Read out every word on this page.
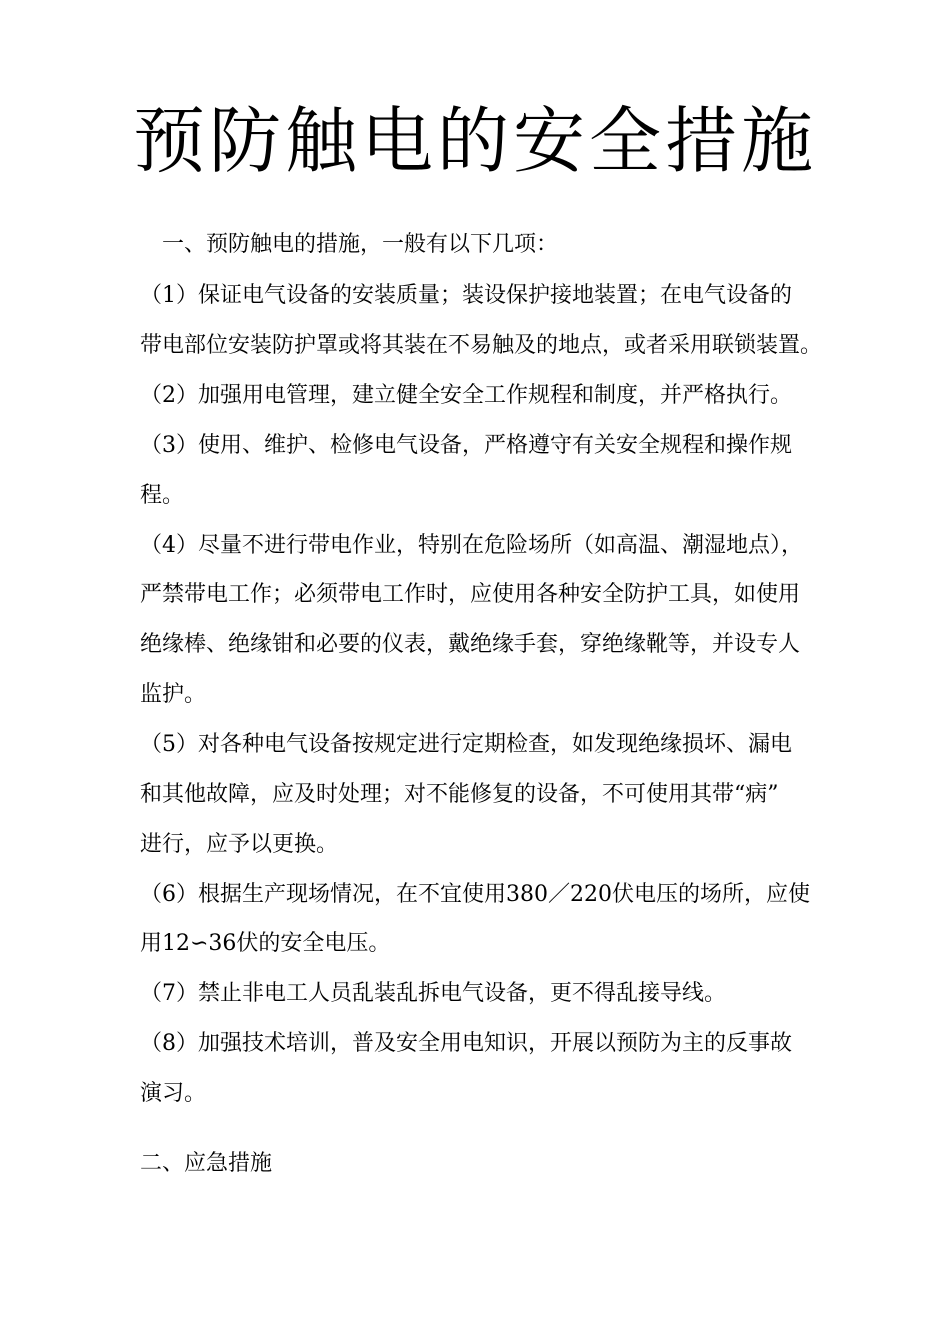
预防触电的安全措施

一、预防触电的措施，一般有以下几项：

（1）保证电气设备的安装质量；装设保护接地装置；在电气设备的

带电部位安装防护罩或将其装在不易触及的地点，或者采用联锁装置。

（2）加强用电管理，建立健全安全工作规程和制度，并严格执行。

（3）使用、维护、检修电气设备，严格遵守有关安全规程和操作规

程。

（4）尽量不进行带电作业，特别在危险场所（如高温、潮湿地点），

严禁带电工作；必须带电工作时，应使用各种安全防护工具，如使用

绝缘棒、绝缘钳和必要的仪表，戴绝缘手套，穿绝缘靴等，并设专人

监护。

（5）对各种电气设备按规定进行定期检查，如发现绝缘损坏、漏电

和其他故障，应及时处理；对不能修复的设备，不可使用其带“病”

进行，应予以更换。

（6）根据生产现场情况，在不宜使用380／220伏电压的场所，应使

用12∽36伏的安全电压。

（7）禁止非电工人员乱装乱拆电气设备，更不得乱接导线。

（8）加强技术培训，普及安全用电知识，开展以预防为主的反事故

演习。

二、应急措施
